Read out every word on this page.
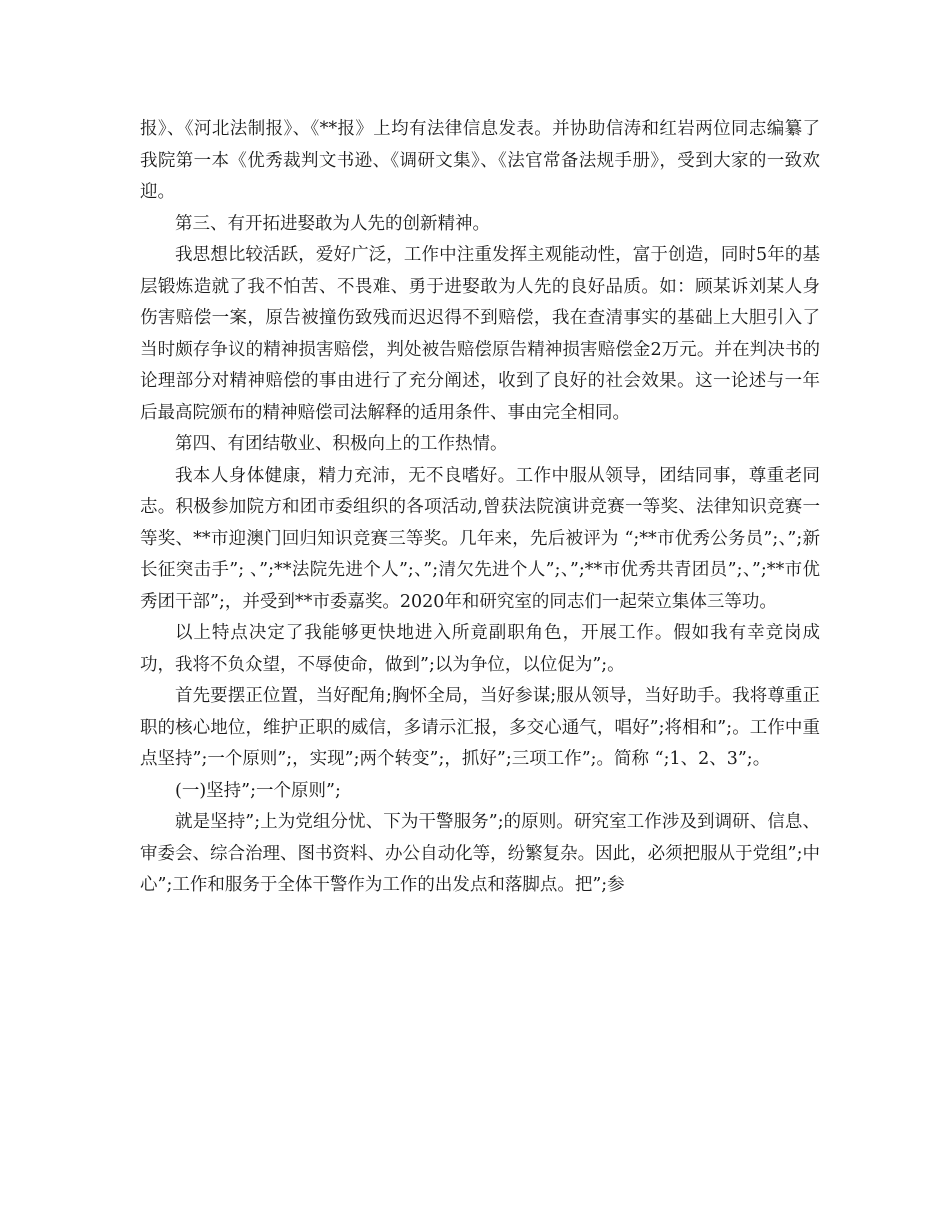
报》、《河北法制报》、《**报》上均有法律信息发表。并协助信涛和红岩两位同志编纂了我院第一本《优秀裁判文书逊、《调研文集》、《法官常备法规手册》，受到大家的一致欢迎。

第三、有开拓进娶敢为人先的创新精神。

我思想比较活跃，爱好广泛，工作中注重发挥主观能动性，富于创造，同时5年的基层锻炼造就了我不怕苦、不畏难、勇于进娶敢为人先的良好品质。如：顾某诉刘某人身伤害赔偿一案，原告被撞伤致残而迟迟得不到赔偿，我在查清事实的基础上大胆引入了当时颇存争议的精神损害赔偿，判处被告赔偿原告精神损害赔偿金2万元。并在判决书的论理部分对精神赔偿的事由进行了充分阐述，收到了良好的社会效果。这一论述与一年后最高院颁布的精神赔偿司法解释的适用条件、事由完全相同。

第四、有团结敬业、积极向上的工作热情。

我本人身体健康，精力充沛，无不良嗜好。工作中服从领导，团结同事，尊重老同志。积极参加院方和团市委组织的各项活动,曾获法院演讲竞赛一等奖、法律知识竞赛一等奖、**市迎澳门回归知识竞赛三等奖。几年来，先后被评为 “;**市优秀公务员”;、”;新长征突击手”; 、”;**法院先进个人”;、”;清欠先进个人”;、”;**市优秀共青团员”;、”;**市优秀团干部”;，并受到**市委嘉奖。2020年和研究室的同志们一起荣立集体三等功。

以上特点决定了我能够更快地进入所竟副职角色，开展工作。假如我有幸竞岗成功，我将不负众望，不辱使命，做到”;以为争位，以位促为”;。

首先要摆正位置，当好配角;胸怀全局，当好参谋;服从领导，当好助手。我将尊重正职的核心地位，维护正职的威信，多请示汇报，多交心通气，唱好”;将相和”;。工作中重点坚持”;一个原则”;，实现”;两个转变”;，抓好”;三项工作”;。简称 “;1、2、3”;。

(一)坚持”;一个原则”;

就是坚持”;上为党组分忧、下为干警服务”;的原则。研究室工作涉及到调研、信息、审委会、综合治理、图书资料、办公自动化等，纷繁复杂。因此，必须把服从于党组”;中心”;工作和服务于全体干警作为工作的出发点和落脚点。把”;参
